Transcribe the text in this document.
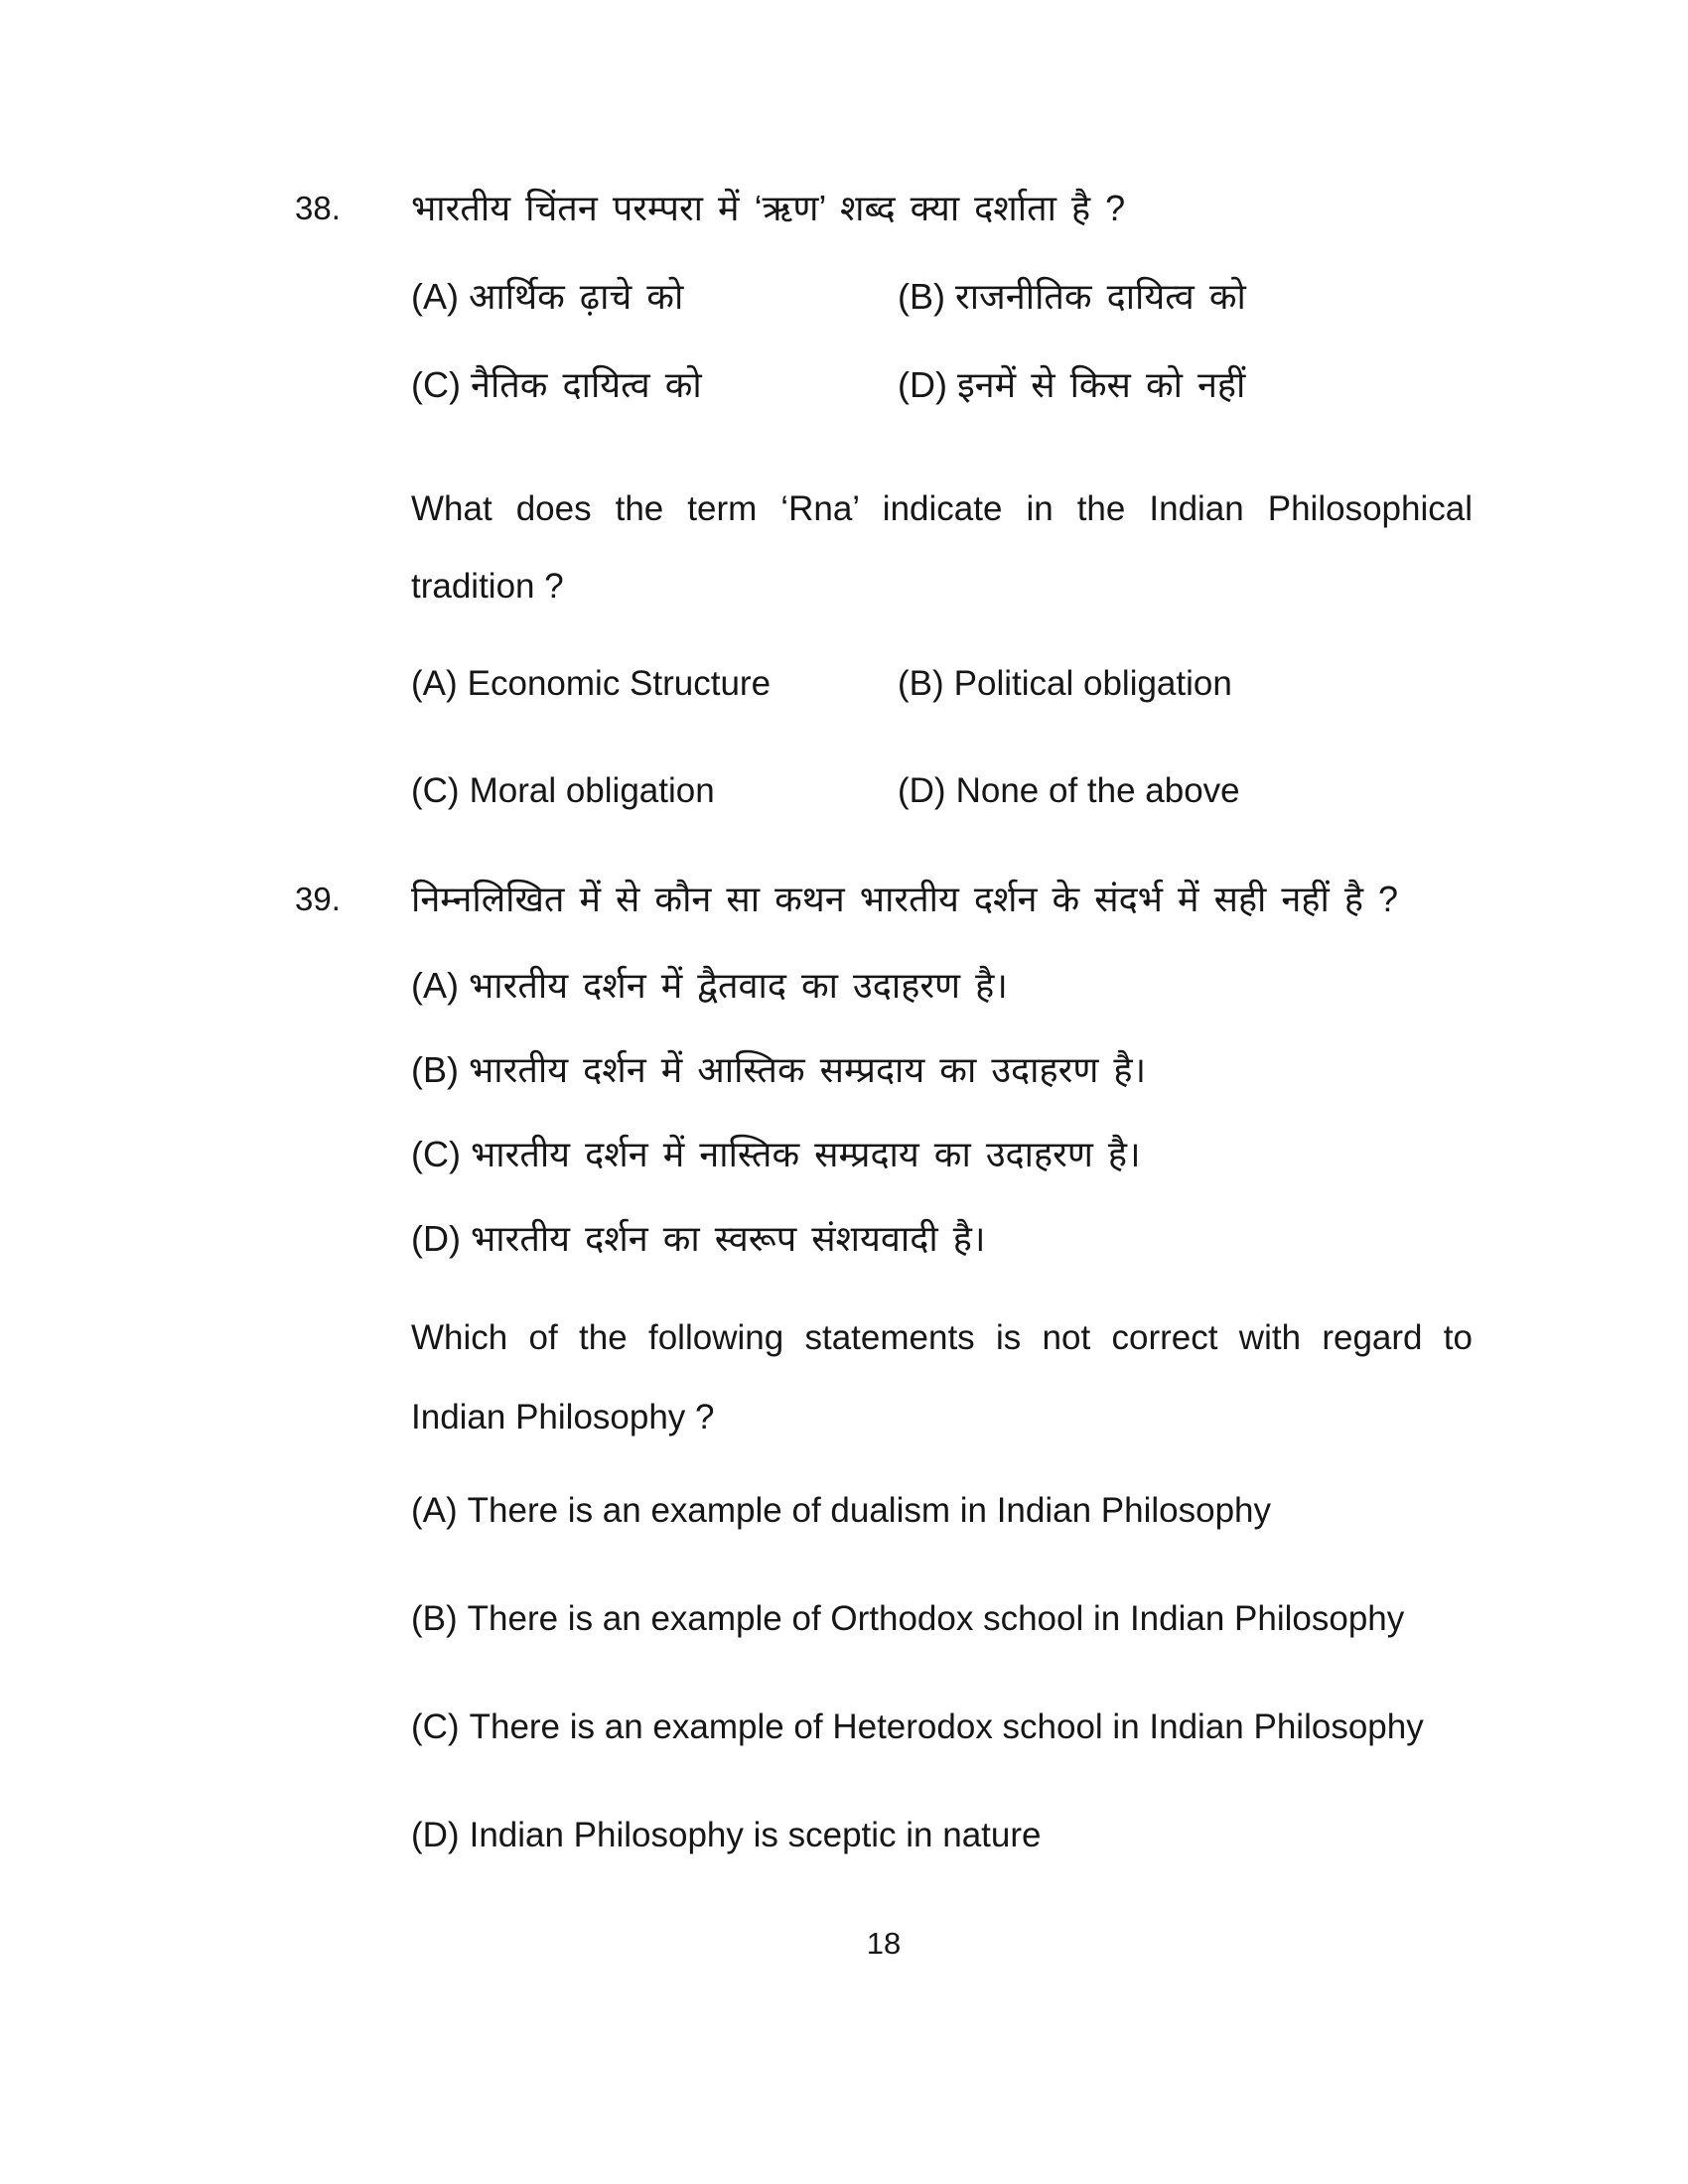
38.	भारतीय चिंतन परम्परा में ‘ऋण’ शब्द क्या दर्शाता है ?
(A) आर्थिक ढ़ाचे को	(B) राजनीतिक दायित्व को
(C) नैतिक दायित्व को	(D) इनमें से किस को नहीं
What does the term ‘Rna’ indicate in the Indian Philosophical
tradition ?
(A) Economic Structure	(B) Political obligation
(C) Moral obligation	(D) None of the above
39.	निम्नलिखित में से कौन सा कथन भारतीय दर्शन के संदर्भ में सही नहीं है ?
(A) भारतीय दर्शन में द्वैतवाद का उदाहरण है।
(B) भारतीय दर्शन में आस्तिक सम्प्रदाय का उदाहरण है।
(C) भारतीय दर्शन में नास्तिक सम्प्रदाय का उदाहरण है।
(D) भारतीय दर्शन का स्वरूप संशयवादी है।
Which of the following statements is not correct with regard to
Indian Philosophy ?
(A) There is an example of dualism in Indian Philosophy
(B) There is an example of Orthodox school in Indian Philosophy
(C) There is an example of Heterodox school in Indian Philosophy
(D) Indian Philosophy is sceptic in nature
18
